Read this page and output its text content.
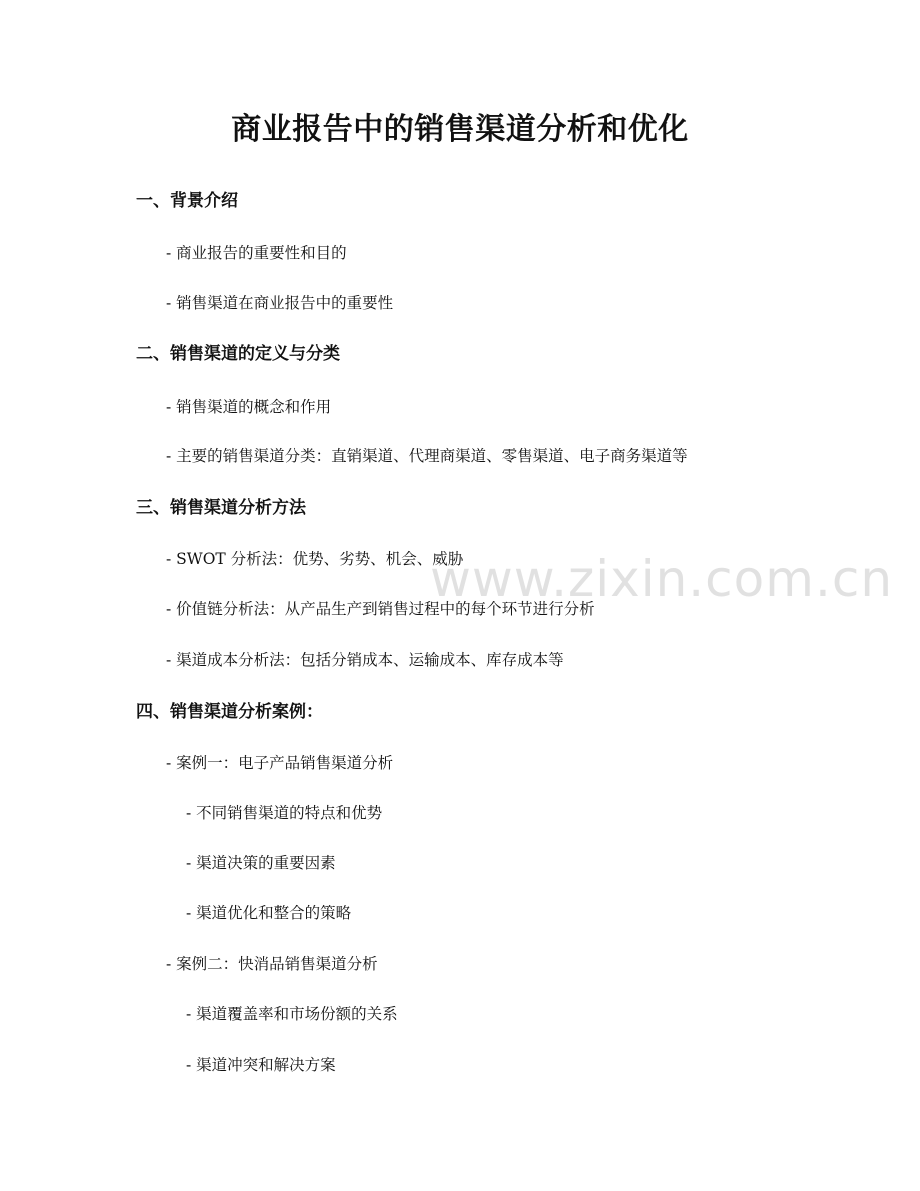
商业报告中的销售渠道分析和优化
一、背景介绍
- 商业报告的重要性和目的
- 销售渠道在商业报告中的重要性
二、销售渠道的定义与分类
- 销售渠道的概念和作用
- 主要的销售渠道分类：直销渠道、代理商渠道、零售渠道、电子商务渠道等
三、销售渠道分析方法
- SWOT 分析法：优势、劣势、机会、威胁
- 价值链分析法：从产品生产到销售过程中的每个环节进行分析
- 渠道成本分析法：包括分销成本、运输成本、库存成本等
四、销售渠道分析案例：
- 案例一：电子产品销售渠道分析
- 不同销售渠道的特点和优势
- 渠道决策的重要因素
- 渠道优化和整合的策略
- 案例二：快消品销售渠道分析
- 渠道覆盖率和市场份额的关系
- 渠道冲突和解决方案
www.zixin.com.cn
